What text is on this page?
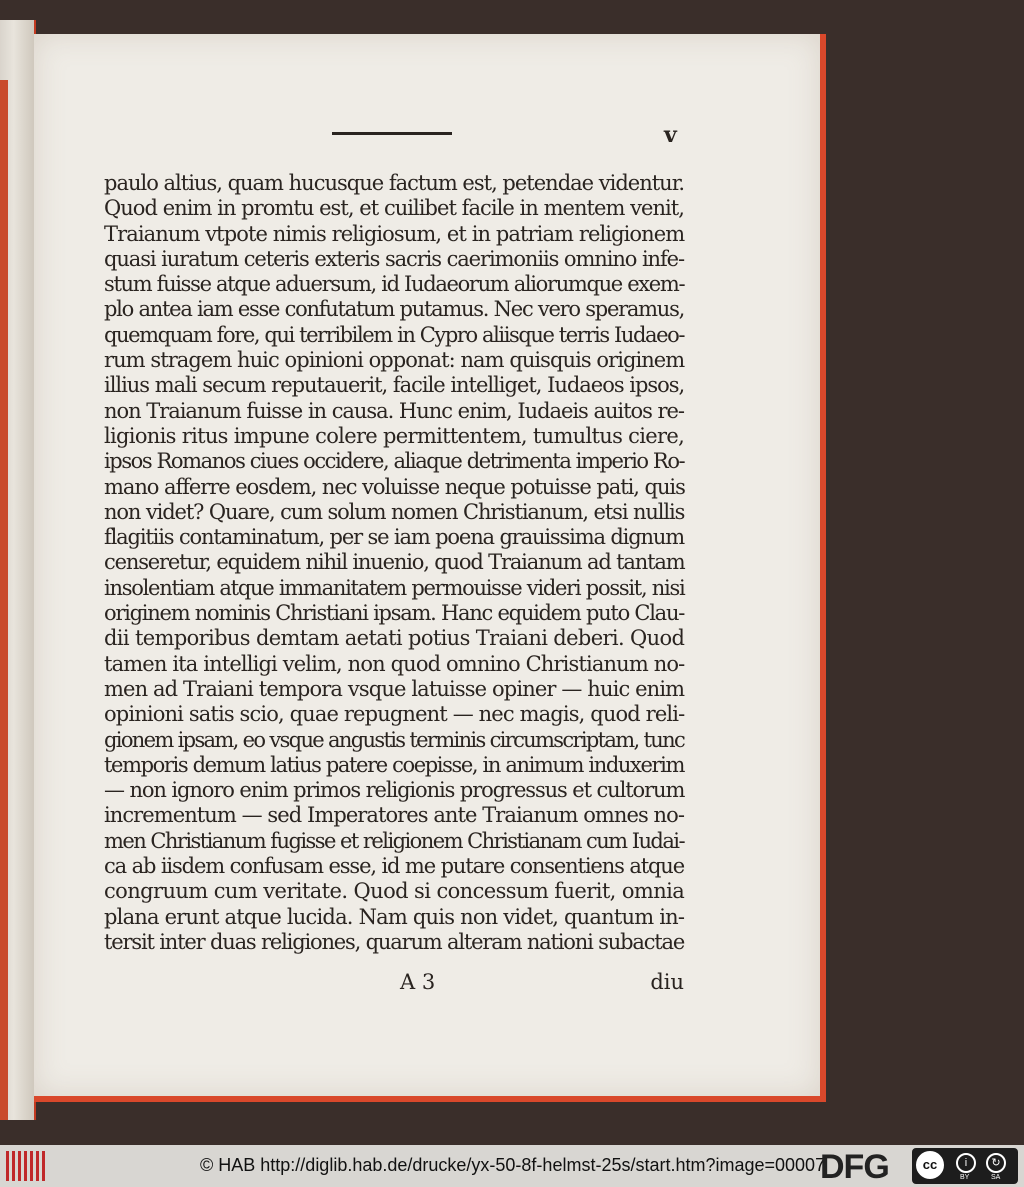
v
paulo altius, quam hucusque factum est, petendae videntur.
Quod enim in promtu est, et cuilibet facile in mentem venit,
Traianum vtpote nimis religiosum, et in patriam religionem
quasi iuratum ceteris exteris sacris caerimoniis omnino infe-
stum fuisse atque aduersum, id Iudaeorum aliorumque exem-
plo antea iam esse confutatum putamus. Nec vero speramus,
quemquam fore, qui terribilem in Cypro aliisque terris Iudaeo-
rum stragem huic opinioni opponat: nam quisquis originem
illius mali secum reputauerit, facile intelliget, Iudaeos ipsos,
non Traianum fuisse in causa. Hunc enim, Iudaeis auitos re-
ligionis ritus impune colere permittentem, tumultus ciere,
ipsos Romanos ciues occidere, aliaque detrimenta imperio Ro-
mano afferre eosdem, nec voluisse neque potuisse pati, quis
non videt? Quare, cum solum nomen Christianum, etsi nullis
flagitiis contaminatum, per se iam poena grauissima dignum
censeretur, equidem nihil inuenio, quod Traianum ad tantam
insolentiam atque immanitatem permouisse videri possit, nisi
originem nominis Christiani ipsam. Hanc equidem puto Clau-
dii temporibus demtam aetati potius Traiani deberi. Quod
tamen ita intelligi velim, non quod omnino Christianum no-
men ad Traiani tempora vsque latuisse opiner — huic enim
opinioni satis scio, quae repugnent — nec magis, quod reli-
gionem ipsam, eo vsque angustis terminis circumscriptam, tunc
temporis demum latius patere coepisse, in animum induxerim
— non ignoro enim primos religionis progressus et cultorum
incrementum — sed Imperatores ante Traianum omnes no-
men Christianum fugisse et religionem Christianam cum Iudai-
ca ab iisdem confusam esse, id me putare consentiens atque
congruum cum veritate. Quod si concessum fuerit, omnia
plana erunt atque lucida. Nam quis non videt, quantum in-
tersit inter duas religiones, quarum alteram nationi subactae
A 3	diu
© HAB http://diglib.hab.de/drucke/yx-50-8f-helmst-25s/start.htm?image=00007
DFG	cc	i
BY
↻
SA
